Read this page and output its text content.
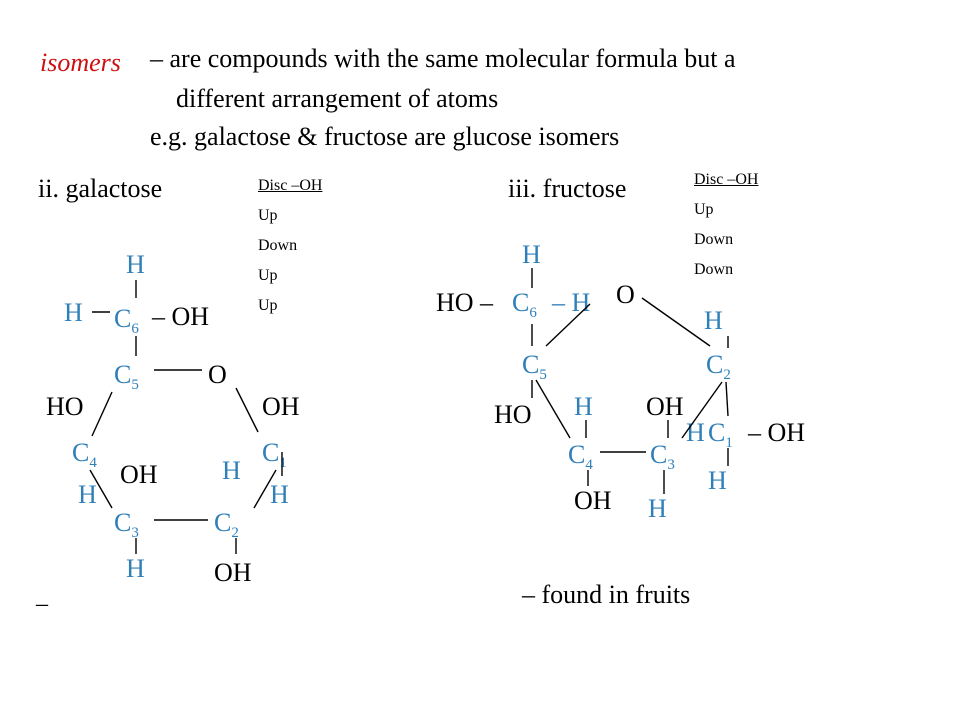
isomers – are compounds with the same molecular formula but a
different arrangement of atoms
e.g. galactose & fructose are glucose isomers
ii. galactose	Disc –OH
Up
Down
Up
Up
H
H $C_6$ – OH
$C_5$	O
HO	OH
$C_4$	$C_1$
OH H
H	H
$C_3$	$C_2$
H	OH
_
iii. fructose	Disc –OH
Up
Down
Down
H
HO – $C_6$ – H O
H
$C_5$	$C_2$
HO H OH
H $C_1$ – OH
$C_4$ $C_3$
H
OH H
– found in fruits
